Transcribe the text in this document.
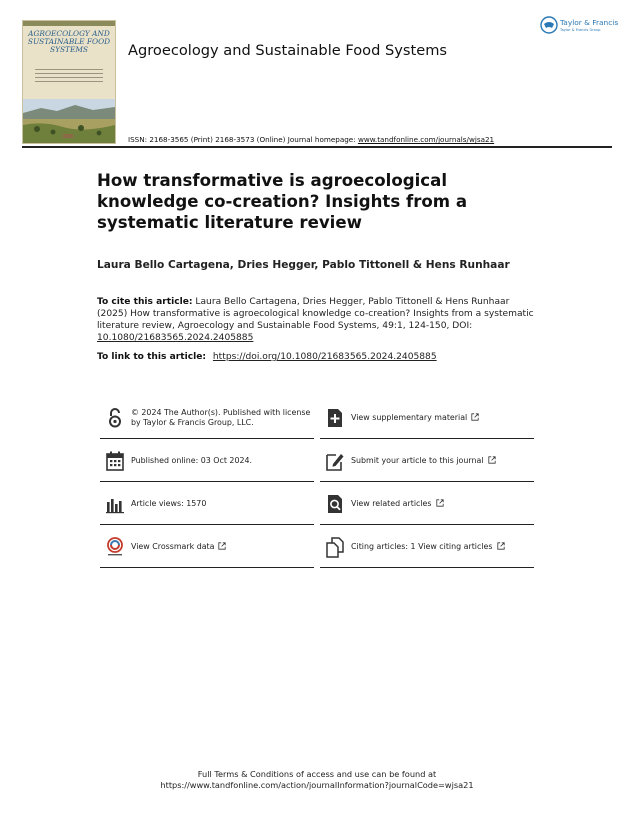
AGROECOLOGY AND SUSTAINABLE FOOD SYSTEMS	Agroecology and Sustainable Food Systems
Taylor & Francis
Taylor & Francis Group
ISSN: 2168-3565 (Print) 2168-3573 (Online) Journal homepage: www.tandfonline.com/journals/wjsa21
How transformative is agroecological knowledge co-creation? Insights from a systematic literature review
Laura Bello Cartagena, Dries Hegger, Pablo Tittonell & Hens Runhaar
To cite this article: Laura Bello Cartagena, Dries Hegger, Pablo Tittonell & Hens Runhaar (2025) How transformative is agroecological knowledge co-creation? Insights from a systematic literature review, Agroecology and Sustainable Food Systems, 49:1, 124-150, DOI: 10.1080/21683565.2024.2405885
To link to this article: https://doi.org/10.1080/21683565.2024.2405885
© 2024 The Author(s). Published with license by Taylor & Francis Group, LLC.
Published online: 03 Oct 2024.
Article views: 1570
View Crossmark data
View supplementary material
Submit your article to this journal
View related articles
Citing articles: 1 View citing articles
Full Terms & Conditions of access and use can be found at
https://www.tandfonline.com/action/journalInformation?journalCode=wjsa21
